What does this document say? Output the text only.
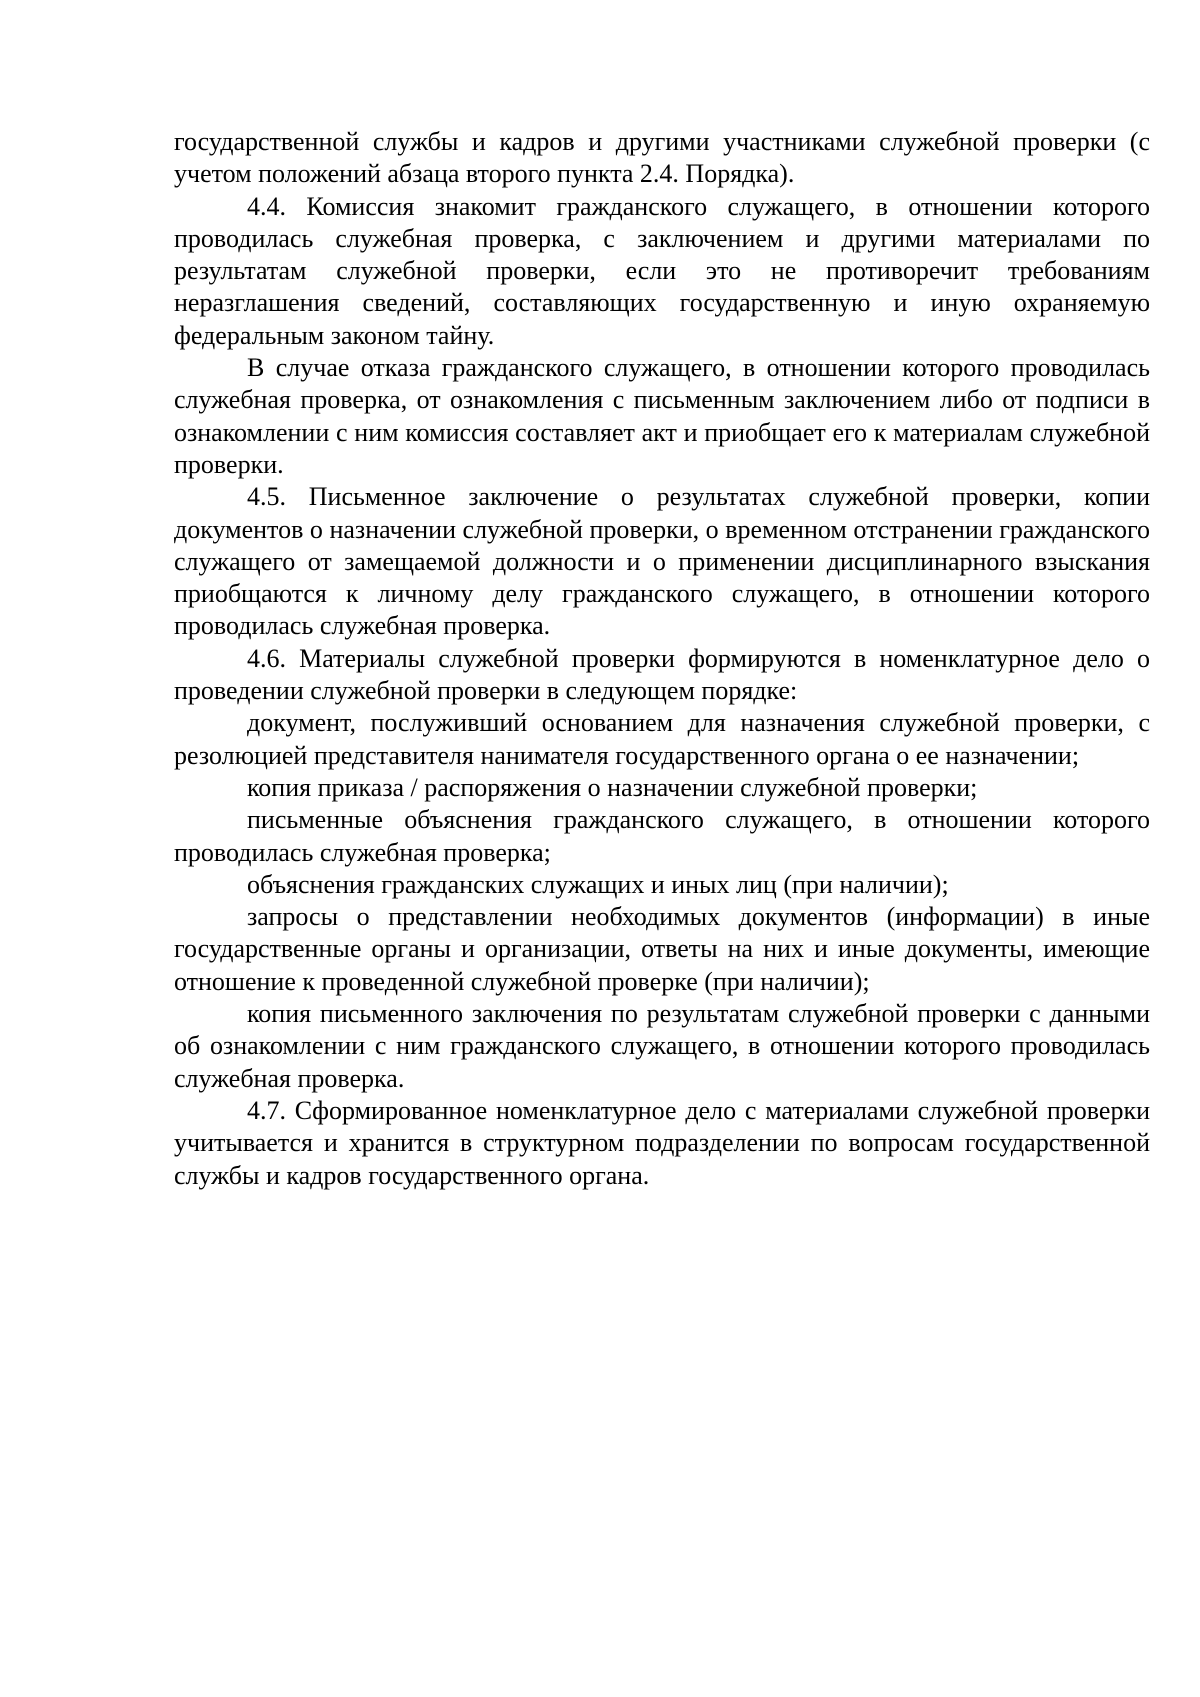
государственной службы и кадров и другими участниками служебной проверки (с учетом положений абзаца второго пункта 2.4. Порядка).

4.4. Комиссия знакомит гражданского служащего, в отношении которого проводилась служебная проверка, с заключением и другими материалами по результатам служебной проверки, если это не противоречит требованиям неразглашения сведений, составляющих государственную и иную охраняемую федеральным законом тайну.

В случае отказа гражданского служащего, в отношении которого проводилась служебная проверка, от ознакомления с письменным заключением либо от подписи в ознакомлении с ним комиссия составляет акт и приобщает его к материалам служебной проверки.

4.5. Письменное заключение о результатах служебной проверки, копии документов о назначении служебной проверки, о временном отстранении гражданского служащего от замещаемой должности и о применении дисциплинарного взыскания приобщаются к личному делу гражданского служащего, в отношении которого проводилась служебная проверка.

4.6. Материалы служебной проверки формируются в номенклатурное дело о проведении служебной проверки в следующем порядке:

документ, послуживший основанием для назначения служебной проверки, с резолюцией представителя нанимателя государственного органа о ее назначении;

копия приказа / распоряжения о назначении служебной проверки;

письменные объяснения гражданского служащего, в отношении которого проводилась служебная проверка;

объяснения гражданских служащих и иных лиц (при наличии);

запросы о представлении необходимых документов (информации) в иные государственные органы и организации, ответы на них и иные документы, имеющие отношение к проведенной служебной проверке (при наличии);

копия письменного заключения по результатам служебной проверки с данными об ознакомлении с ним гражданского служащего, в отношении которого проводилась служебная проверка.

4.7. Сформированное номенклатурное дело с материалами служебной проверки учитывается и хранится в структурном подразделении по вопросам государственной службы и кадров государственного органа.
